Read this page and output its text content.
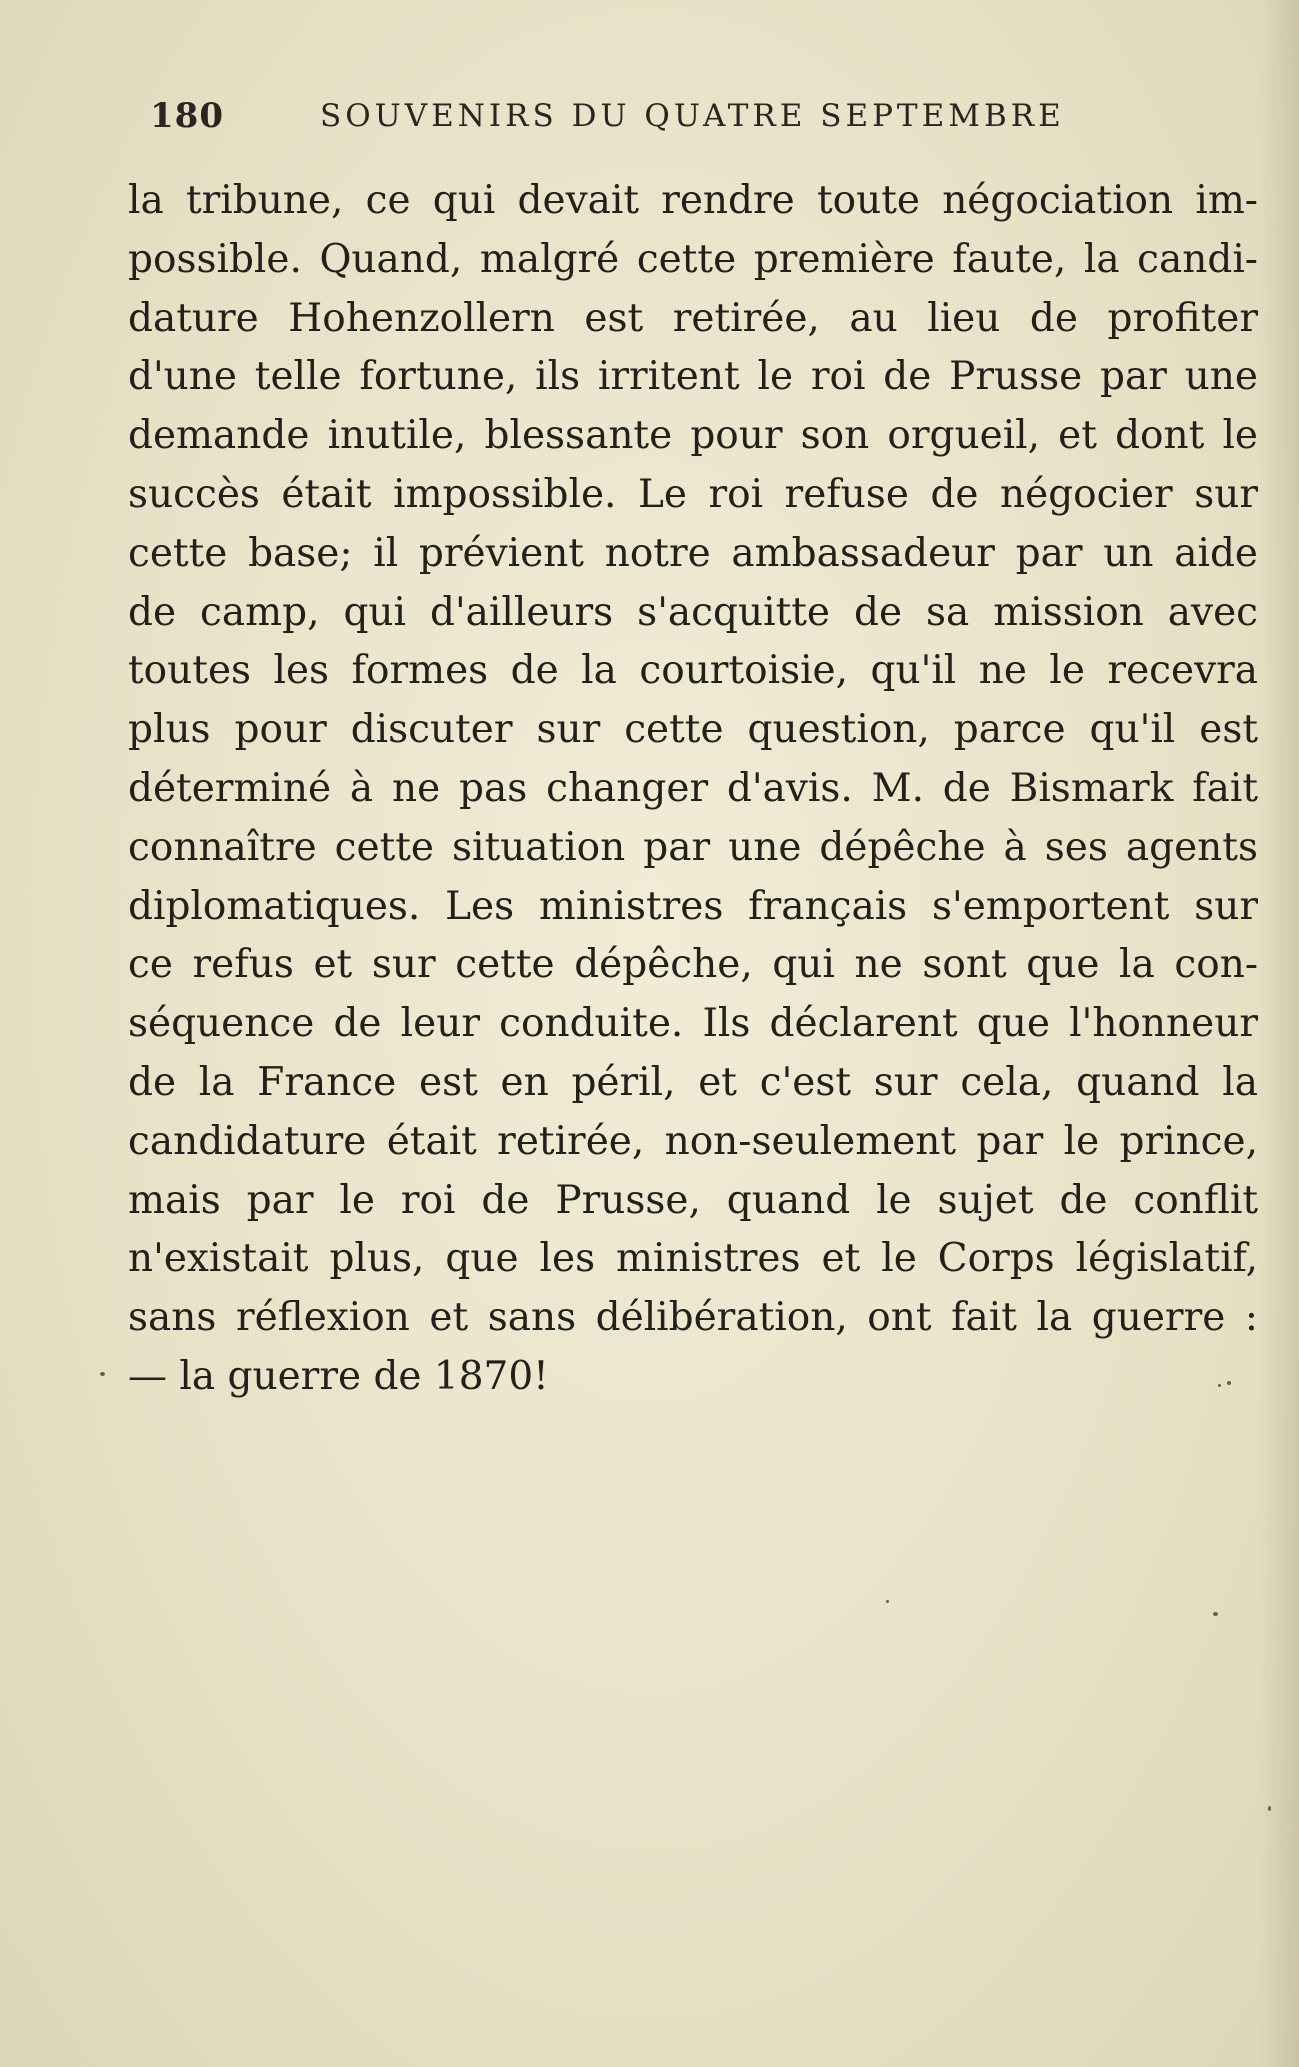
180	SOUVENIRS DU QUATRE SEPTEMBRE
la tribune, ce qui devait rendre toute négociation im-
possible. Quand, malgré cette première faute, la candi-
dature Hohenzollern est retirée, au lieu de profiter
d'une telle fortune, ils irritent le roi de Prusse par une
demande inutile, blessante pour son orgueil, et dont le
succès était impossible. Le roi refuse de négocier sur
cette base; il prévient notre ambassadeur par un aide
de camp, qui d'ailleurs s'acquitte de sa mission avec
toutes les formes de la courtoisie, qu'il ne le recevra
plus pour discuter sur cette question, parce qu'il est
déterminé à ne pas changer d'avis. M. de Bismark fait
connaître cette situation par une dépêche à ses agents
diplomatiques. Les ministres français s'emportent sur
ce refus et sur cette dépêche, qui ne sont que la con-
séquence de leur conduite. Ils déclarent que l'honneur
de la France est en péril, et c'est sur cela, quand la
candidature était retirée, non-seulement par le prince,
mais par le roi de Prusse, quand le sujet de conflit
n'existait plus, que les ministres et le Corps législatif,
sans réflexion et sans délibération, ont fait la guerre :
— la guerre de 1870!
